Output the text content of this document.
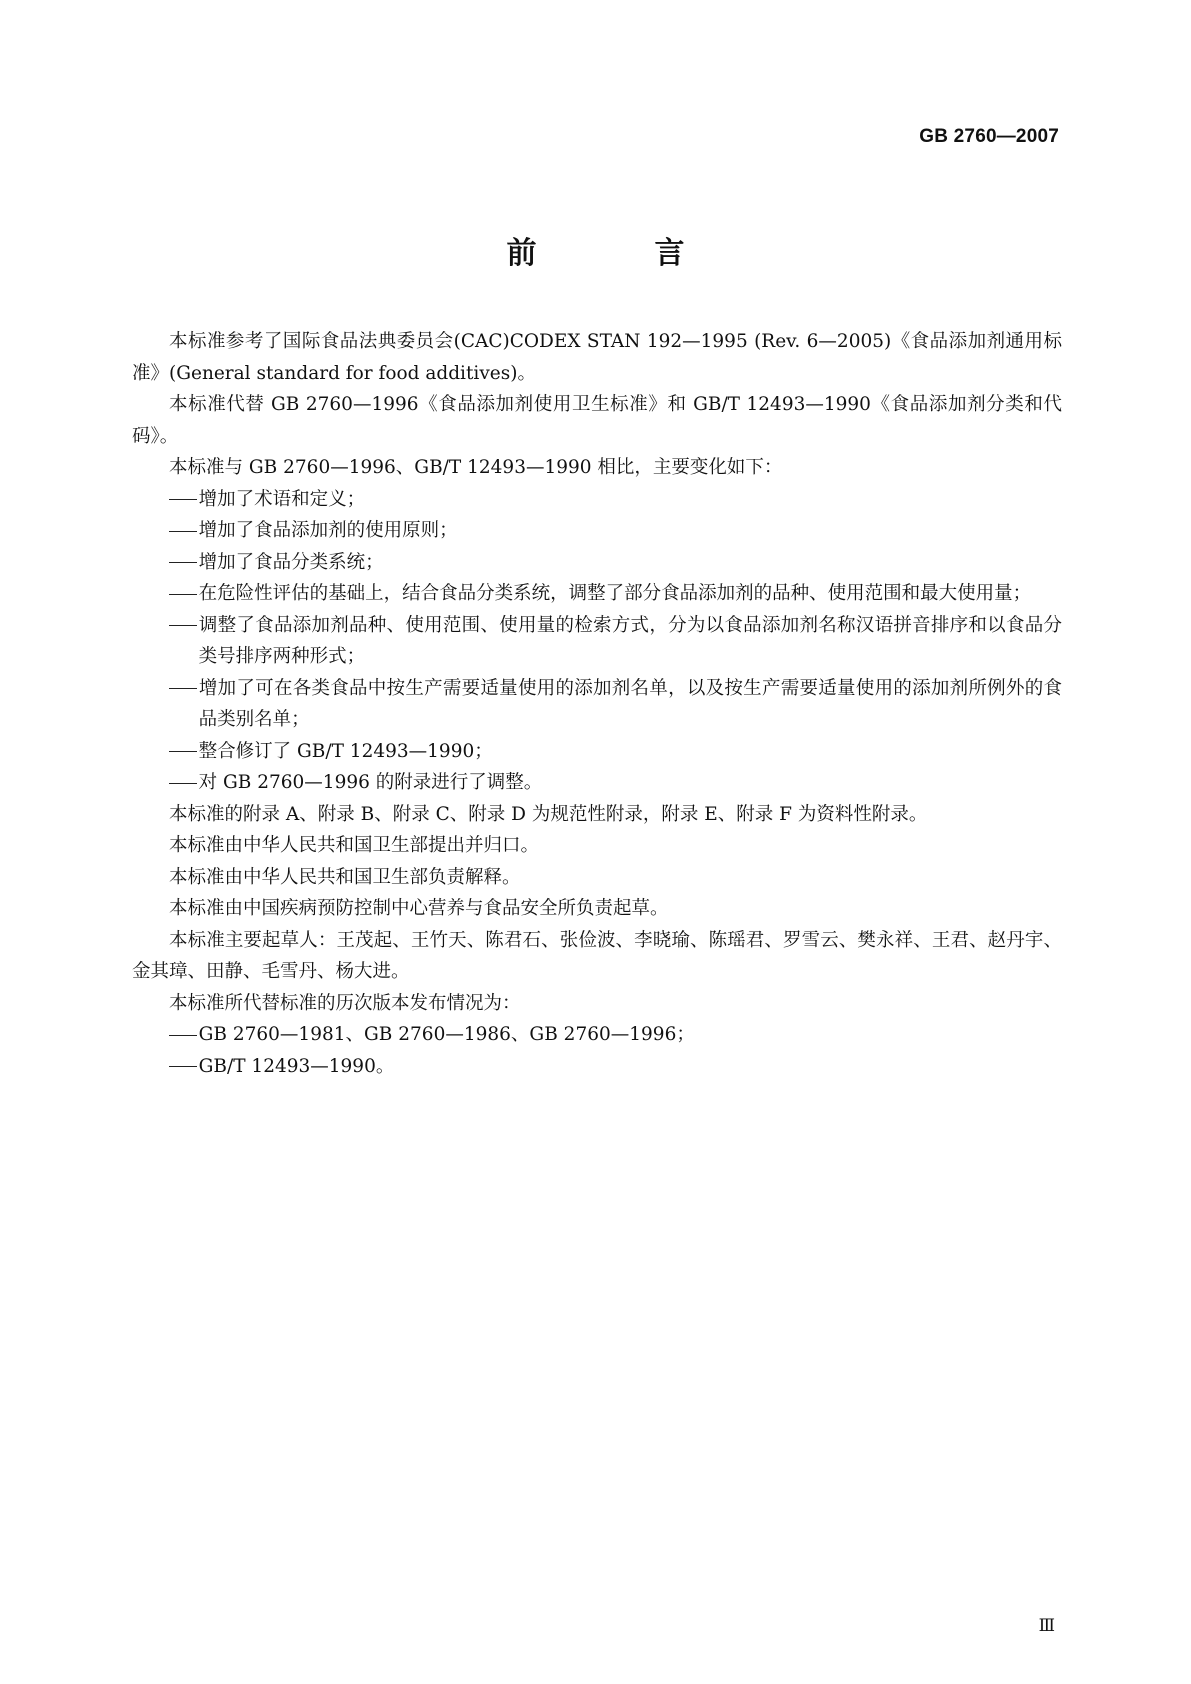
GB 2760—2007
前　言

本标准参考了国际食品法典委员会(CAC)CODEX STAN 192—1995 (Rev. 6—2005)《食品添加剂通用标准》(General standard for food additives)。

本标准代替 GB 2760—1996《食品添加剂使用卫生标准》和 GB/T 12493—1990《食品添加剂分类和代码》。

本标准与 GB 2760—1996、GB/T 12493—1990 相比，主要变化如下：

增加了术语和定义；

增加了食品添加剂的使用原则；

增加了食品分类系统；

在危险性评估的基础上，结合食品分类系统，调整了部分食品添加剂的品种、使用范围和最大使用量；

调整了食品添加剂品种、使用范围、使用量的检索方式，分为以食品添加剂名称汉语拼音排序和以食品分类号排序两种形式；

增加了可在各类食品中按生产需要适量使用的添加剂名单，以及按生产需要适量使用的添加剂所例外的食品类别名单；

整合修订了 GB/T 12493—1990；

对 GB 2760—1996 的附录进行了调整。

本标准的附录 A、附录 B、附录 C、附录 D 为规范性附录，附录 E、附录 F 为资料性附录。

本标准由中华人民共和国卫生部提出并归口。

本标准由中华人民共和国卫生部负责解释。

本标准由中国疾病预防控制中心营养与食品安全所负责起草。

本标准主要起草人：王茂起、王竹天、陈君石、张俭波、李晓瑜、陈瑶君、罗雪云、樊永祥、王君、赵丹宇、金其璋、田静、毛雪丹、杨大进。

本标准所代替标准的历次版本发布情况为：

GB 2760—1981、GB 2760—1986、GB 2760—1996；

GB/T 12493—1990。

Ⅲ
